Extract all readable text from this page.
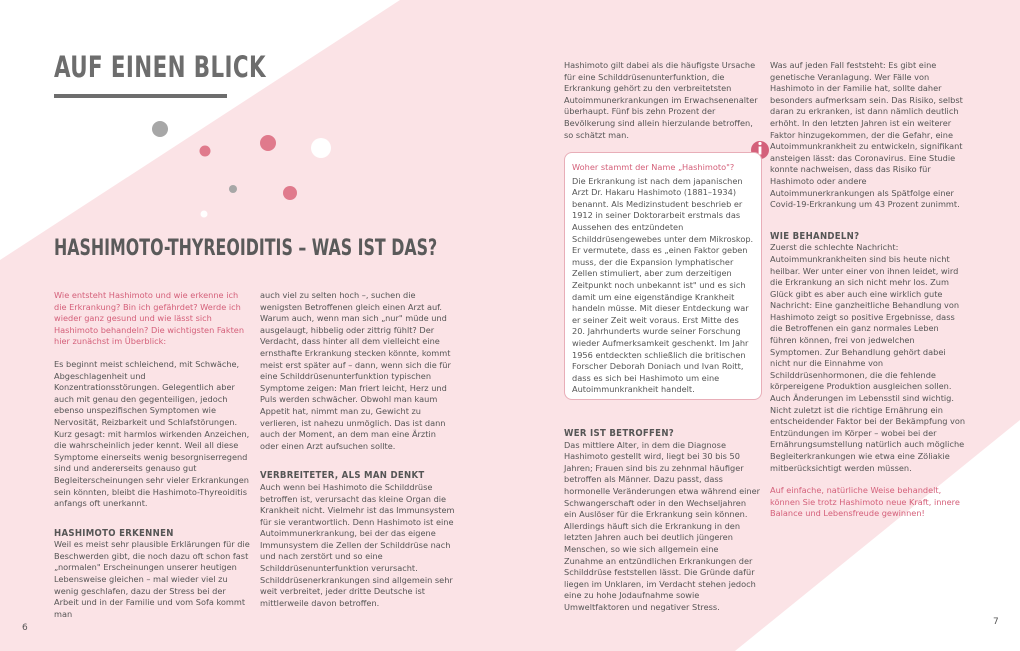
AUF EINEN BLICK
HASHIMOTO-THYREOIDITIS – WAS IST DAS?

Wie entsteht Hashimoto und wie erkenne ich die Erkrankung? Bin ich gefährdet? Werde ich wieder ganz gesund und wie lässt sich Hashimoto behandeln? Die wichtigsten Fakten hier zunächst im Überblick:

Es beginnt meist schleichend, mit Schwäche, Abgeschlagenheit und Konzentrationsstörungen. Gelegentlich aber auch mit genau den gegenteiligen, jedoch ebenso unspezifischen Symptomen wie Nervosität, Reizbarkeit und Schlafstörungen. Kurz gesagt: mit harmlos wirkenden Anzeichen, die wahrscheinlich jeder kennt. Weil all diese Symptome einerseits wenig besorgniserregend sind und andererseits genauso gut Begleiterscheinungen sehr vieler Erkrankungen sein könnten, bleibt die Hashimoto-Thyreoiditis anfangs oft unerkannt.

HASHIMOTO ERKENNEN

Weil es meist sehr plausible Erklärungen für die Beschwerden gibt, die noch dazu oft schon fast „normalen" Erscheinungen unserer heutigen Lebensweise gleichen – mal wieder viel zu wenig geschlafen, dazu der Stress bei der Arbeit und in der Familie und vom Sofa kommt man

auch viel zu selten hoch –, suchen die wenigsten Betroffenen gleich einen Arzt auf. Warum auch, wenn man sich „nur" müde und ausgelaugt, hibbelig oder zittrig fühlt? Der Verdacht, dass hinter all dem vielleicht eine ernsthafte Erkrankung stecken könnte, kommt meist erst später auf – dann, wenn sich die für eine Schilddrüsenunterfunktion typischen Symptome zeigen: Man friert leicht, Herz und Puls werden schwächer. Obwohl man kaum Appetit hat, nimmt man zu, Gewicht zu verlieren, ist nahezu unmöglich. Das ist dann auch der Moment, an dem man eine Ärztin oder einen Arzt aufsuchen sollte.

VERBREITETER, ALS MAN DENKT

Auch wenn bei Hashimoto die Schilddrüse betroffen ist, verursacht das kleine Organ die Krankheit nicht. Vielmehr ist das Immunsystem für sie verantwortlich. Denn Hashimoto ist eine Autoimmunerkrankung, bei der das eigene Immunsystem die Zellen der Schilddrüse nach und nach zerstört und so eine Schilddrüsenunterfunktion verursacht. Schilddrüsenerkrankungen sind allgemein sehr weit verbreitet, jeder dritte Deutsche ist mittlerweile davon betroffen.

6

Hashimoto gilt dabei als die häufigste Ursache für eine Schilddrüsenunterfunktion, die Erkrankung gehört zu den verbreitetsten Autoimmunerkrankungen im Erwachsenenalter überhaupt. Fünf bis zehn Prozent der Bevölkerung sind allein hierzulande betroffen, so schätzt man.

Woher stammt der Name „Hashimoto"?

Die Erkrankung ist nach dem japanischen Arzt Dr. Hakaru Hashimoto (1881–1934) benannt. Als Medizinstudent beschrieb er 1912 in seiner Doktorarbeit erstmals das Aussehen des entzündeten Schilddrüsengewebes unter dem Mikroskop. Er vermutete, dass es „einen Faktor geben muss, der die Expansion lymphatischer Zellen stimuliert, aber zum derzeitigen Zeitpunkt noch unbekannt ist" und es sich damit um eine eigenständige Krankheit handeln müsse. Mit dieser Entdeckung war er seiner Zeit weit voraus. Erst Mitte des 20. Jahrhunderts wurde seiner Forschung wieder Aufmerksamkeit geschenkt. Im Jahr 1956 entdeckten schließlich die britischen Forscher Deborah Doniach und Ivan Roitt, dass es sich bei Hashimoto um eine Autoimmunkrankheit handelt.

WER IST BETROFFEN?

Das mittlere Alter, in dem die Diagnose Hashimoto gestellt wird, liegt bei 30 bis 50 Jahren; Frauen sind bis zu zehnmal häufiger betroffen als Männer. Dazu passt, dass hormonelle Veränderungen etwa während einer Schwangerschaft oder in den Wechseljahren ein Auslöser für die Erkrankung sein können. Allerdings häuft sich die Erkrankung in den letzten Jahren auch bei deutlich jüngeren Menschen, so wie sich allgemein eine Zunahme an entzündlichen Erkrankungen der Schilddrüse feststellen lässt. Die Gründe dafür liegen im Unklaren, im Verdacht stehen jedoch eine zu hohe Jodaufnahme sowie Umweltfaktoren und negativer Stress.

Was auf jeden Fall feststeht: Es gibt eine genetische Veranlagung. Wer Fälle von Hashimoto in der Familie hat, sollte daher besonders aufmerksam sein. Das Risiko, selbst daran zu erkranken, ist dann nämlich deutlich erhöht. In den letzten Jahren ist ein weiterer Faktor hinzugekommen, der die Gefahr, eine Autoimmunkrankheit zu entwickeln, signifikant ansteigen lässt: das Coronavirus. Eine Studie konnte nachweisen, dass das Risiko für Hashimoto oder andere Autoimmunerkrankungen als Spätfolge einer Covid-19-Erkrankung um 43 Prozent zunimmt.

WIE BEHANDELN?

Zuerst die schlechte Nachricht: Autoimmunkrankheiten sind bis heute nicht heilbar. Wer unter einer von ihnen leidet, wird die Erkrankung an sich nicht mehr los. Zum Glück gibt es aber auch eine wirklich gute Nachricht: Eine ganzheitliche Behandlung von Hashimoto zeigt so positive Ergebnisse, dass die Betroffenen ein ganz normales Leben führen können, frei von jedwelchen Symptomen. Zur Behandlung gehört dabei nicht nur die Einnahme von Schilddrüsenhormonen, die die fehlende körpereigene Produktion ausgleichen sollen. Auch Änderungen im Lebensstil sind wichtig. Nicht zuletzt ist die richtige Ernährung ein entscheidender Faktor bei der Bekämpfung von Entzündungen im Körper – wobei bei der Ernährungsumstellung natürlich auch mögliche Begleiterkrankungen wie etwa eine Zöliakie mitberücksichtigt werden müssen.

Auf einfache, natürliche Weise behandelt, können Sie trotz Hashimoto neue Kraft, innere Balance und Lebensfreude gewinnen!

7
